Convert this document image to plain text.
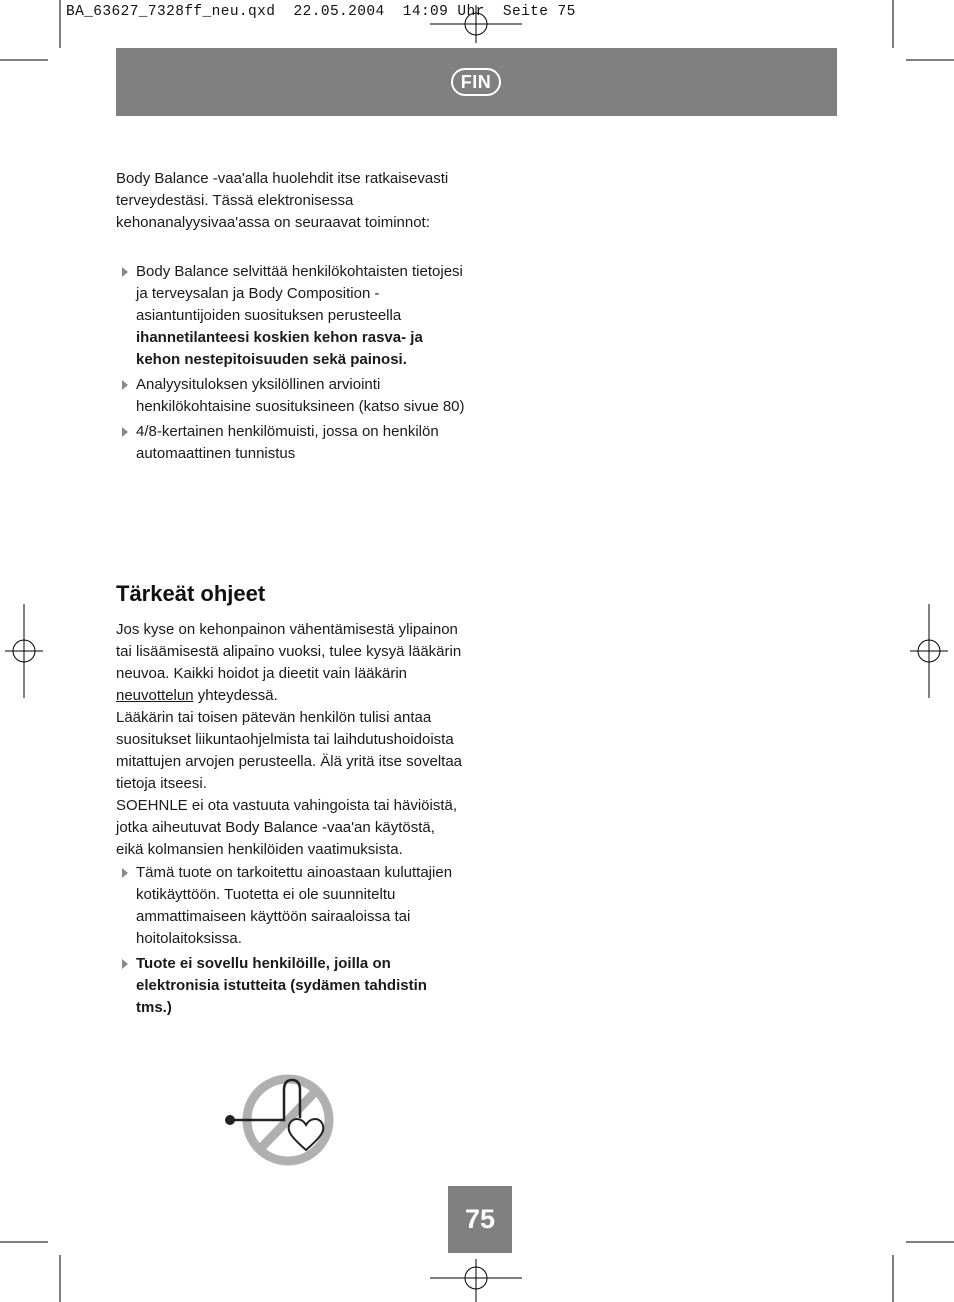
BA_63627_7328ff_neu.qxd  22.05.2004  14:09 Uhr  Seite 75
FIN

Body Balance -vaa'alla huolehdit itse ratkaisevasti

terveydestäsi. Tässä elektronisessa

kehonanalyysivaa'assa on seuraavat toiminnot:

Body Balance selvittää henkilökohtaisten tietojesi ja terveysalan ja Body Composition -asiantuntijoiden suosituksen perusteella ihannetilanteesi koskien kehon rasva- ja kehon nestepitoisuuden sekä painosi.
Analyysituloksen yksilöllinen arviointi henkilökohtaisine suosituksineen (katso sivue 80)
4/8-kertainen henkilömuisti, jossa on henkilön automaattinen tunnistus
Tärkeät ohjeet

Jos kyse on kehonpainon vähentämisestä ylipainon tai lisäämisestä alipaino vuoksi, tulee kysyä lääkärin neuvoa. Kaikki hoidot ja dieetit vain lääkärin neuvottelun yhteydessä.

Lääkärin tai toisen pätevän henkilön tulisi antaa suositukset liikuntaohjelmista tai laihdutushoidoista mitattujen arvojen perusteella. Älä yritä itse soveltaa tietoja itseesi.

SOEHNLE ei ota vastuuta vahingoista tai häviöistä, jotka aiheutuvat Body Balance -vaa'an käytöstä, eikä kolmansien henkilöiden vaatimuksista.

Tämä tuote on tarkoitettu ainoastaan kuluttajien kotikäyttöön. Tuotetta ei ole suunniteltu ammattimaiseen käyttöön sairaaloissa tai hoitolaitoksissa.
Tuote ei sovellu henkilöille, joilla on elektronisia istutteita (sydämen tahdistin tms.)
75
